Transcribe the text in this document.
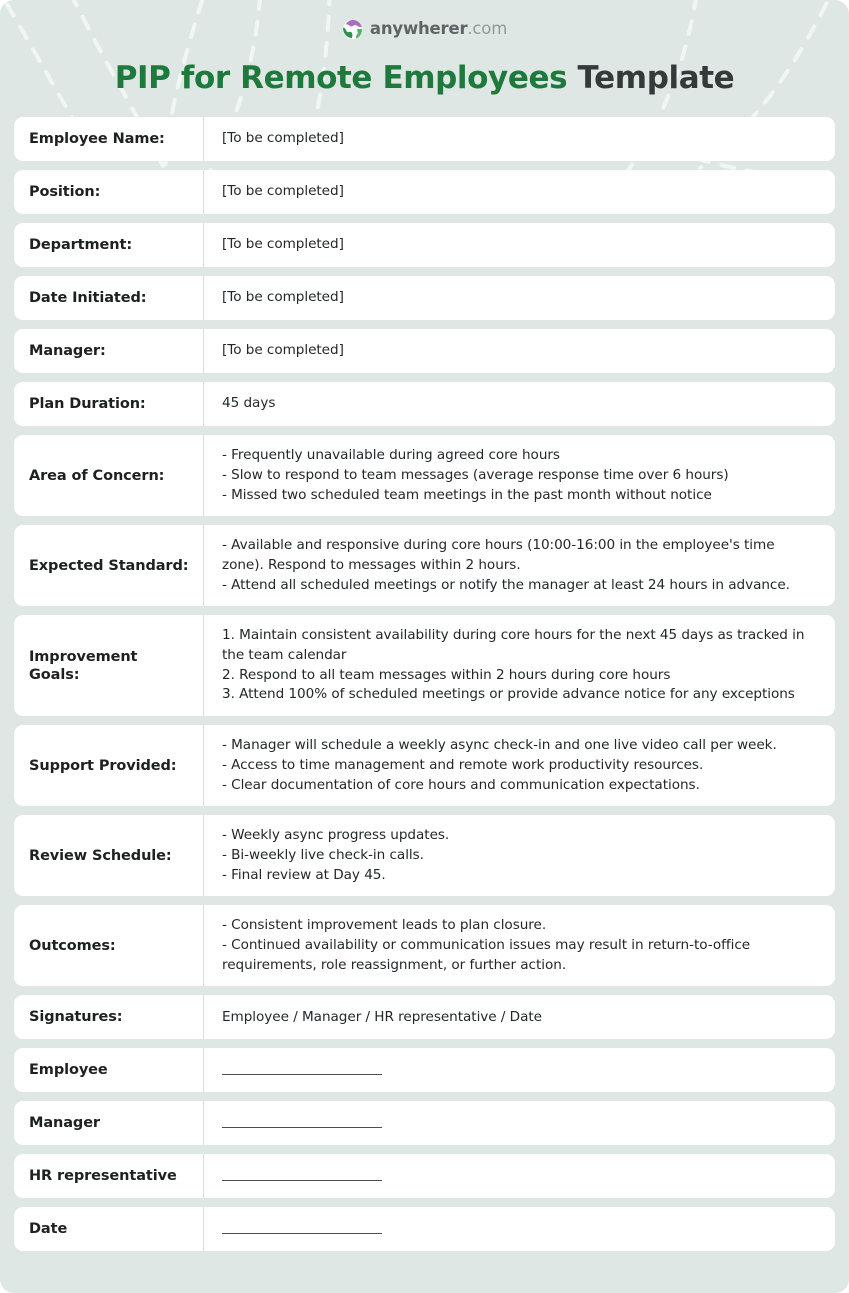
anywherer.com
PIP for Remote Employees Template
Employee Name:	[To be completed]
Position:	[To be completed]
Department:	[To be completed]
Date Initiated:	[To be completed]
Manager:	[To be completed]
Plan Duration:	45 days
Area of Concern:
- Frequently unavailable during agreed core hours
- Slow to respond to team messages (average response time over 6 hours)
- Missed two scheduled team meetings in the past month without notice
Expected Standard:
- Available and responsive during core hours (10:00-16:00 in the employee's time zone). Respond to messages within 2 hours.
- Attend all scheduled meetings or notify the manager at least 24 hours in advance.
Improvement Goals:
1. Maintain consistent availability during core hours for the next 45 days as tracked in the team calendar
2. Respond to all team messages within 2 hours during core hours
3. Attend 100% of scheduled meetings or provide advance notice for any exceptions
Support Provided:
- Manager will schedule a weekly async check-in and one live video call per week.
- Access to time management and remote work productivity resources.
- Clear documentation of core hours and communication expectations.
Review Schedule:
- Weekly async progress updates.
- Bi-weekly live check-in calls.
- Final review at Day 45.
Outcomes:
- Consistent improvement leads to plan closure.
- Continued availability or communication issues may result in return-to-office requirements, role reassignment, or further action.
Signatures:	Employee / Manager / HR representative / Date
Employee
Manager
HR representative
Date
